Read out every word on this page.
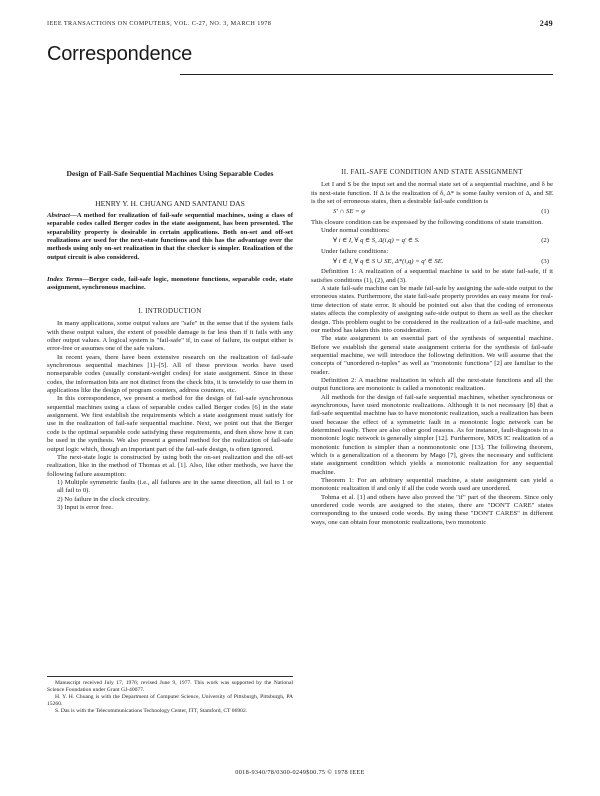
IEEE TRANSACTIONS ON COMPUTERS, VOL. C-27, NO. 3, MARCH 1978	249
Correspondence
Design of Fail-Safe Sequential Machines Using Separable Codes
HENRY Y. H. CHUANG AND SANTANU DAS
Abstract—A method for realization of fail-safe sequential machines, using a class of separable codes called Berger codes in the state assignment, has been presented. The separability property is desirable in certain applications. Both on-set and off-set realizations are used for the next-state functions and this has the advantage over the methods using only on-set realization in that the checker is simpler. Realization of the output circuit is also considered.
Index Terms—Berger code, fail-safe logic, monotone functions, separable code, state assignment, synchronous machine.
I. INTRODUCTION

In many applications, some output values are "safe" in the sense that if the system fails with these output values, the extent of possible damage is far less than if it fails with any other output values. A logical system is "fail-safe" if, in case of failure, its output either is error-free or assumes one of the safe values.

In recent years, there have been extensive research on the realization of fail-safe synchronous sequential machines [1]–[5]. All of these previous works have used nonseparable codes (usually constant-weight codes) for state assignment. Since in these codes, the information bits are not distinct from the check bits, it is unwieldy to use them in applications like the design of program counters, address counters, etc.

In this correspondence, we present a method for the design of fail-safe synchronous sequential machines using a class of separable codes called Berger codes [6] in the state assignment. We first establish the requirements which a state assignment must satisfy for use in the realization of fail-safe sequential machine. Next, we point out that the Berger code is the optimal separable code satisfying these requirements, and then show how it can be used in the synthesis. We also present a general method for the realization of fail-safe output logic which, though an important part of the fail-safe design, is often ignored.

The next-state logic is constructed by using both the on-set realization and the off-set realization, like in the method of Thomas et al. [1]. Also, like other methods, we have the following failure assumption:

1) Multiple symmetric faults (i.e., all failures are in the same direction, all fail to 1 or all fail to 0).

2) No failure in the clock circuitry.

3) Input is error free.

Manuscript received July 17, 1976; revised June 9, 1977. This work was supported by the National Science Foundation under Grant GJ-40077.

H. Y. H. Chuang is with the Department of Computer Science, University of Pittsburgh, Pittsburgh, PA 15260.

S. Das is with the Telecommunications Technology Center, ITT, Stamford, CT 06902.

II. FAIL-SAFE CONDITION AND STATE ASSIGNMENT

Let I and S be the input set and the normal state set of a sequential machine, and δ be its next-state function. If Δ is the realization of δ, Δ* is some faulty version of Δ, and SE is the set of erroneous states, then a desirable fail-safe condition is

S′ ∩ SE = φ	(1)

This closure condition can be expressed by the following conditions of state transition.

Under normal conditions:

∀ i ∈ I, ∀ q ∈ S, Δ(i,q) = q′ ∈ S.	(2)

Under failure conditions:

∀ i ∈ I, ∀ q ∈ S ∪ SE, Δ*(i,q) = q′ ∈ SE.	(3)

Definition 1: A realization of a sequential machine is said to be state fail-safe, if it satisfies conditions (1), (2), and (3).

A state fail-safe machine can be made fail-safe by assigning the safe-side output to the erroneous states. Furthermore, the state fail-safe property provides an easy means for real-time detection of state error. It should be pointed out also that the coding of erroneous states affects the complexity of assigning safe-side output to them as well as the checker design. This problem ought to be considered in the realization of a fail-safe machine, and our method has taken this into consideration.

The state assignment is an essential part of the synthesis of sequential machine. Before we establish the general state assignment criteria for the synthesis of fail-safe sequential machine, we will introduce the following definition. We will assume that the concepts of "unordered n-tuples" as well as "monotonic functions" [2] are familiar to the reader.

Definition 2: A machine realization in which all the next-state functions and all the output functions are monotonic is called a monotonic realization.

All methods for the design of fail-safe sequential machines, whether synchronous or asynchronous, have used monotonic realizations. Although it is not necessary [8] that a fail-safe sequential machine has to have monotonic realization, such a realization has been used because the effect of a symmetric fault in a monotonic logic network can be determined easily. There are also other good reasons. As for instance, fault-diagnosis in a monotonic logic network is generally simpler [12]. Furthermore, MOS IC realization of a monotonic function is simpler than a nonmonotonic one [13]. The following theorem, which is a generalization of a theorem by Mago [7], gives the necessary and sufficient state assignment condition which yields a monotonic realization for any sequential machine.

Theorem 1: For an arbitrary sequential machine, a state assignment can yield a monotonic realization if and only if all the code words used are unordered.

Tohma et al. [1] and others have also proved the "if" part of the theorem. Since only unordered code words are assigned to the states, there are "DON'T CARE" states corresponding to the unused code words. By using these "DON'T CARES" in different ways, one can obtain four monotonic realizations, two monotonic

0018-9340/78/0300-0249$00.75 © 1978 IEEE
